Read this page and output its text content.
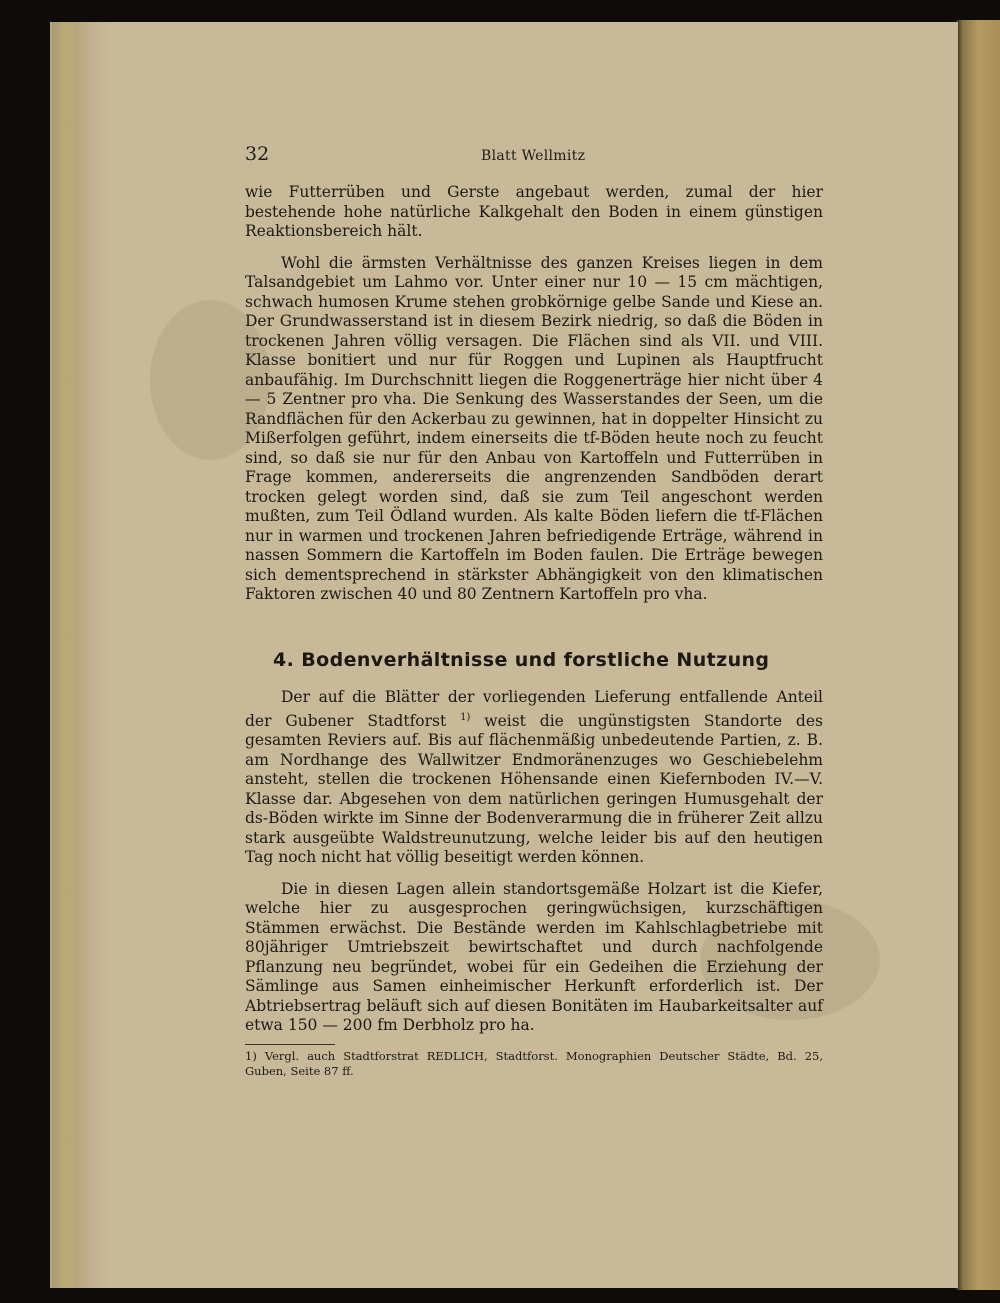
32	Blatt Wellmitz

wie Futterrüben und Gerste angebaut werden, zumal der hier bestehende hohe natürliche Kalkgehalt den Boden in einem günstigen Reaktionsbereich hält.

Wohl die ärmsten Verhältnisse des ganzen Kreises liegen in dem Talsandgebiet um Lahmo vor. Unter einer nur 10 — 15 cm mächtigen, schwach humosen Krume stehen grobkörnige gelbe Sande und Kiese an. Der Grundwasserstand ist in diesem Bezirk niedrig, so daß die Böden in trockenen Jahren völlig versagen. Die Flächen sind als VII. und VIII. Klasse bonitiert und nur für Roggen und Lupinen als Hauptfrucht anbaufähig. Im Durchschnitt liegen die Roggenerträge hier nicht über 4 — 5 Zentner pro vha. Die Senkung des Wasserstandes der Seen, um die Randflächen für den Ackerbau zu gewinnen, hat in doppelter Hinsicht zu Mißerfolgen geführt, indem einerseits die tf-Böden heute noch zu feucht sind, so daß sie nur für den Anbau von Kartoffeln und Futterrüben in Frage kommen, andererseits die angrenzenden Sandböden derart trocken gelegt worden sind, daß sie zum Teil angeschont werden mußten, zum Teil Ödland wurden. Als kalte Böden liefern die tf-Flächen nur in warmen und trockenen Jahren befriedigende Erträge, während in nassen Sommern die Kartoffeln im Boden faulen. Die Erträge bewegen sich dementsprechend in stärkster Abhängigkeit von den klimatischen Faktoren zwischen 40 und 80 Zentnern Kartoffeln pro vha.

4. Bodenverhältnisse und forstliche Nutzung

Der auf die Blätter der vorliegenden Lieferung entfallende Anteil der Gubener Stadtforst $^{1)}$ weist die ungünstigsten Standorte des gesamten Reviers auf. Bis auf flächenmäßig unbedeutende Partien, z. B. am Nordhange des Wallwitzer Endmoränenzuges wo Geschiebelehm ansteht, stellen die trockenen Höhensande einen Kiefernboden IV.—V. Klasse dar. Abgesehen von dem natürlichen geringen Humusgehalt der ds-Böden wirkte im Sinne der Bodenverarmung die in früherer Zeit allzu stark ausgeübte Waldstreunutzung, welche leider bis auf den heutigen Tag noch nicht hat völlig beseitigt werden können.

Die in diesen Lagen allein standortsgemäße Holzart ist die Kiefer, welche hier zu ausgesprochen geringwüchsigen, kurzschäftigen Stämmen erwächst. Die Bestände werden im Kahlschlagbetriebe mit 80jähriger Umtriebszeit bewirtschaftet und durch nachfolgende Pflanzung neu begründet, wobei für ein Gedeihen die Erziehung der Sämlinge aus Samen einheimischer Herkunft erforderlich ist. Der Abtriebsertrag beläuft sich auf diesen Bonitäten im Haubarkeitsalter auf etwa 150 — 200 fm Derbholz pro ha.

1) Vergl. auch Stadtforstrat REDLICH, Stadtforst. Monographien Deutscher Städte, Bd. 25, Guben, Seite 87 ff.
